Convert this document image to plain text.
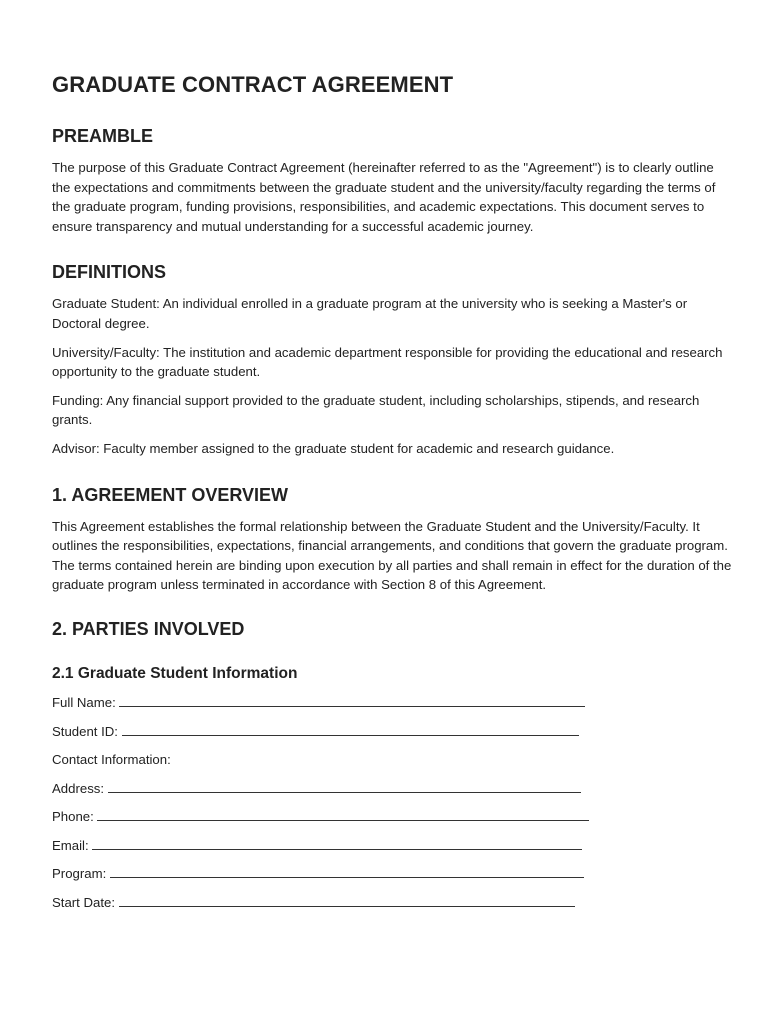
GRADUATE CONTRACT AGREEMENT
PREAMBLE

The purpose of this Graduate Contract Agreement (hereinafter referred to as the "Agreement") is to clearly outline the expectations and commitments between the graduate student and the university/faculty regarding the terms of the graduate program, funding provisions, responsibilities, and academic expectations. This document serves to ensure transparency and mutual understanding for a successful academic journey.

DEFINITIONS

Graduate Student: An individual enrolled in a graduate program at the university who is seeking a Master's or Doctoral degree.

University/Faculty: The institution and academic department responsible for providing the educational and research opportunity to the graduate student.

Funding: Any financial support provided to the graduate student, including scholarships, stipends, and research grants.

Advisor: Faculty member assigned to the graduate student for academic and research guidance.

1. AGREEMENT OVERVIEW

This Agreement establishes the formal relationship between the Graduate Student and the University/Faculty. It outlines the responsibilities, expectations, financial arrangements, and conditions that govern the graduate program. The terms contained herein are binding upon execution by all parties and shall remain in effect for the duration of the graduate program unless terminated in accordance with Section 8 of this Agreement.

2. PARTIES INVOLVED
2.1 Graduate Student Information
Full Name:
Student ID:
Contact Information:
Address:
Phone:
Email:
Program:
Start Date:
